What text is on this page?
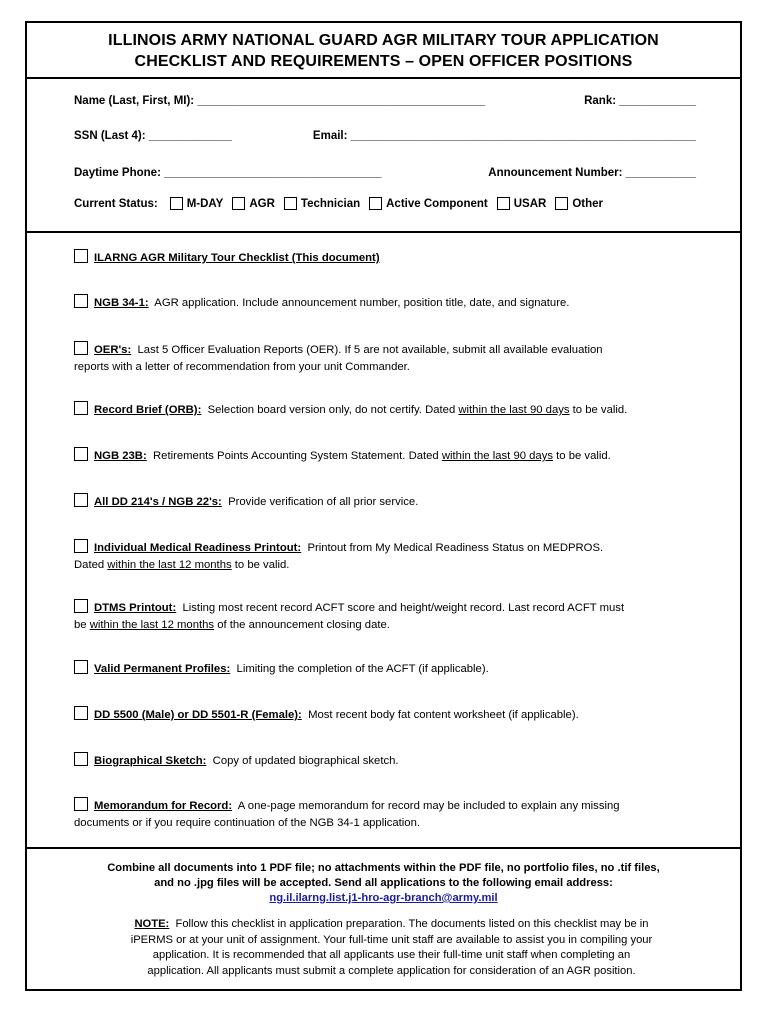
ILLINOIS ARMY NATIONAL GUARD AGR MILITARY TOUR APPLICATION
CHECKLIST AND REQUIREMENTS – OPEN OFFICER POSITIONS
Name (Last, First, MI): _____________________________________________	Rank: ____________
SSN (Last 4): _____________	Email: ______________________________________________________
Daytime Phone: __________________________________	Announcement Number: ___________
Current Status:	M-DAY AGR Technician Active Component USAR Other
ILARNG AGR Military Tour Checklist (This document)
NGB 34-1: AGR application. Include announcement number, position title, date, and signature.
OER's: Last 5 Officer Evaluation Reports (OER). If 5 are not available, submit all available evaluation
reports with a letter of recommendation from your unit Commander.
Record Brief (ORB): Selection board version only, do not certify. Dated within the last 90 days to be valid.
NGB 23B: Retirements Points Accounting System Statement. Dated within the last 90 days to be valid.
All DD 214's / NGB 22's: Provide verification of all prior service.
Individual Medical Readiness Printout: Printout from My Medical Readiness Status on MEDPROS.
Dated within the last 12 months to be valid.
DTMS Printout: Listing most recent record ACFT score and height/weight record. Last record ACFT must
be within the last 12 months of the announcement closing date.
Valid Permanent Profiles: Limiting the completion of the ACFT (if applicable).
DD 5500 (Male) or DD 5501-R (Female): Most recent body fat content worksheet (if applicable).
Biographical Sketch: Copy of updated biographical sketch.
Memorandum for Record: A one-page memorandum for record may be included to explain any missing
documents or if you require continuation of the NGB 34-1 application.
Combine all documents into 1 PDF file; no attachments within the PDF file, no portfolio files, no .tif files,
and no .jpg files will be accepted. Send all applications to the following email address:
ng.il.ilarng.list.j1-hro-agr-branch@army.mil
NOTE: Follow this checklist in application preparation. The documents listed on this checklist may be in
iPERMS or at your unit of assignment. Your full-time unit staff are available to assist you in compiling your
application. It is recommended that all applicants use their full-time unit staff when completing an
application. All applicants must submit a complete application for consideration of an AGR position.
